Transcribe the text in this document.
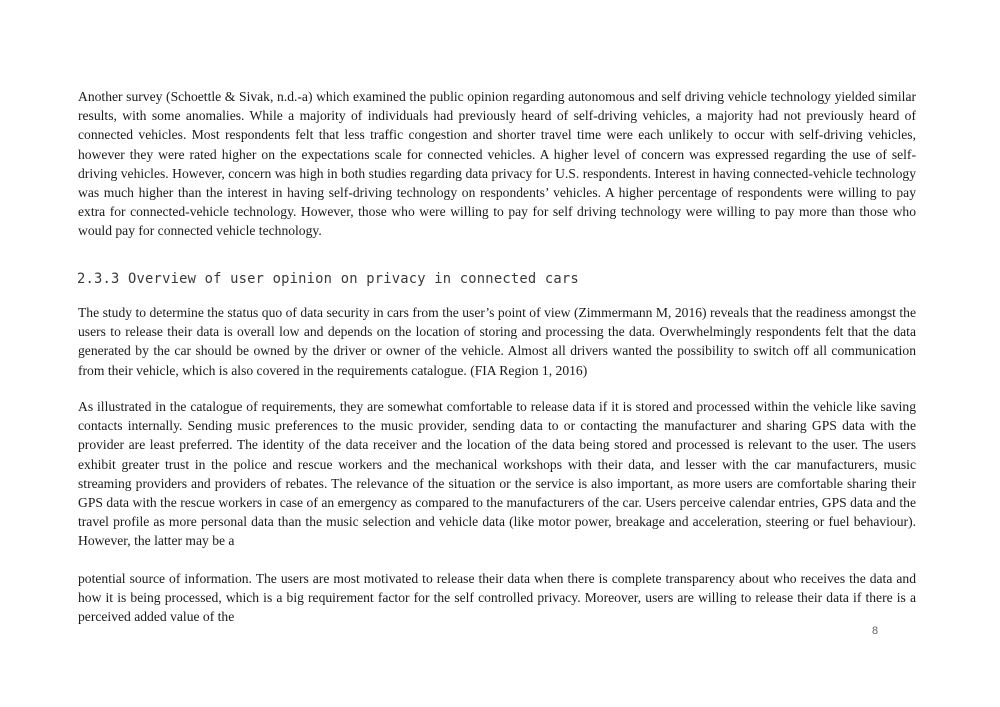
Another survey (Schoettle & Sivak, n.d.-a) which examined the public opinion regarding autonomous and self driving vehicle technology yielded similar results, with some anomalies. While a majority of individuals had previously heard of self-driving vehicles, a majority had not previously heard of connected vehicles. Most respondents felt that less traffic congestion and shorter travel time were each unlikely to occur with self-driving vehicles, however they were rated higher on the expectations scale for connected vehicles. A higher level of concern was expressed regarding the use of self-driving vehicles. However, concern was high in both studies regarding data privacy for U.S. respondents. Interest in having connected-vehicle technology was much higher than the interest in having self-driving technology on respondents’ vehicles. A higher percentage of respondents were willing to pay extra for connected-vehicle technology. However, those who were willing to pay for self driving technology were willing to pay more than those who would pay for connected vehicle technology.

2.3.3 Overview of user opinion on privacy in connected cars

The study to determine the status quo of data security in cars from the user’s point of view (Zimmermann M, 2016) reveals that the readiness amongst the users to release their data is overall low and depends on the location of storing and processing the data. Overwhelmingly respondents felt that the data generated by the car should be owned by the driver or owner of the vehicle. Almost all drivers wanted the possibility to switch off all communication from their vehicle, which is also covered in the requirements catalogue. (FIA Region 1, 2016)

As illustrated in the catalogue of requirements, they are somewhat comfortable to release data if it is stored and processed within the vehicle like saving contacts internally. Sending music preferences to the music provider, sending data to or contacting the manufacturer and sharing GPS data with the provider are least preferred. The identity of the data receiver and the location of the data being stored and processed is relevant to the user. The users exhibit greater trust in the police and rescue workers and the mechanical workshops with their data, and lesser with the car manufacturers, music streaming providers and providers of rebates. The relevance of the situation or the service is also important, as more users are comfortable sharing their GPS data with the rescue workers in case of an emergency as compared to the manufacturers of the car. Users perceive calendar entries, GPS data and the travel profile as more personal data than the music selection and vehicle data (like motor power, breakage and acceleration, steering or fuel behaviour). However, the latter may be a

potential source of information. The users are most motivated to release their data when there is complete transparency about who receives the data and how it is being processed, which is a big requirement factor for the self controlled privacy. Moreover, users are willing to release their data if there is a perceived added value of the

8
